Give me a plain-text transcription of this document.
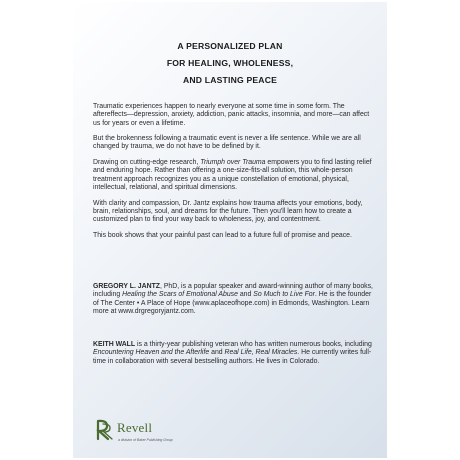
A PERSONALIZED PLAN
FOR HEALING, WHOLENESS,
AND LASTING PEACE

Traumatic experiences happen to nearly everyone at some time in some form. The aftereffects—depression, anxiety, addiction, panic attacks, insomnia, and more—can affect us for years or even a lifetime.

But the brokenness following a traumatic event is never a life sentence. While we are all changed by trauma, we do not have to be defined by it.

Drawing on cutting-edge research, Triumph over Trauma empowers you to find lasting relief and enduring hope. Rather than offering a one-size-fits-all solution, this whole-person treatment approach recognizes you as a unique constellation of emotional, physical, intellectual, relational, and spiritual dimensions.

With clarity and compassion, Dr. Jantz explains how trauma affects your emotions, body, brain, relationships, soul, and dreams for the future. Then you'll learn how to create a customized plan to find your way back to wholeness, joy, and contentment.

This book shows that your painful past can lead to a future full of promise and peace.

GREGORY L. JANTZ, PhD, is a popular speaker and award-winning author of many books, including Healing the Scars of Emotional Abuse and So Much to Live For. He is the founder of The Center • A Place of Hope (www.aplaceofhope.com) in Edmonds, Washington. Learn more at www.drgregoryjantz.com.

KEITH WALL is a thirty-year publishing veteran who has written numerous books, including Encountering Heaven and the Afterlife and Real Life, Real Miracles. He currently writes full-time in collaboration with several bestselling authors. He lives in Colorado.

Revell
a division of Baker Publishing Group
